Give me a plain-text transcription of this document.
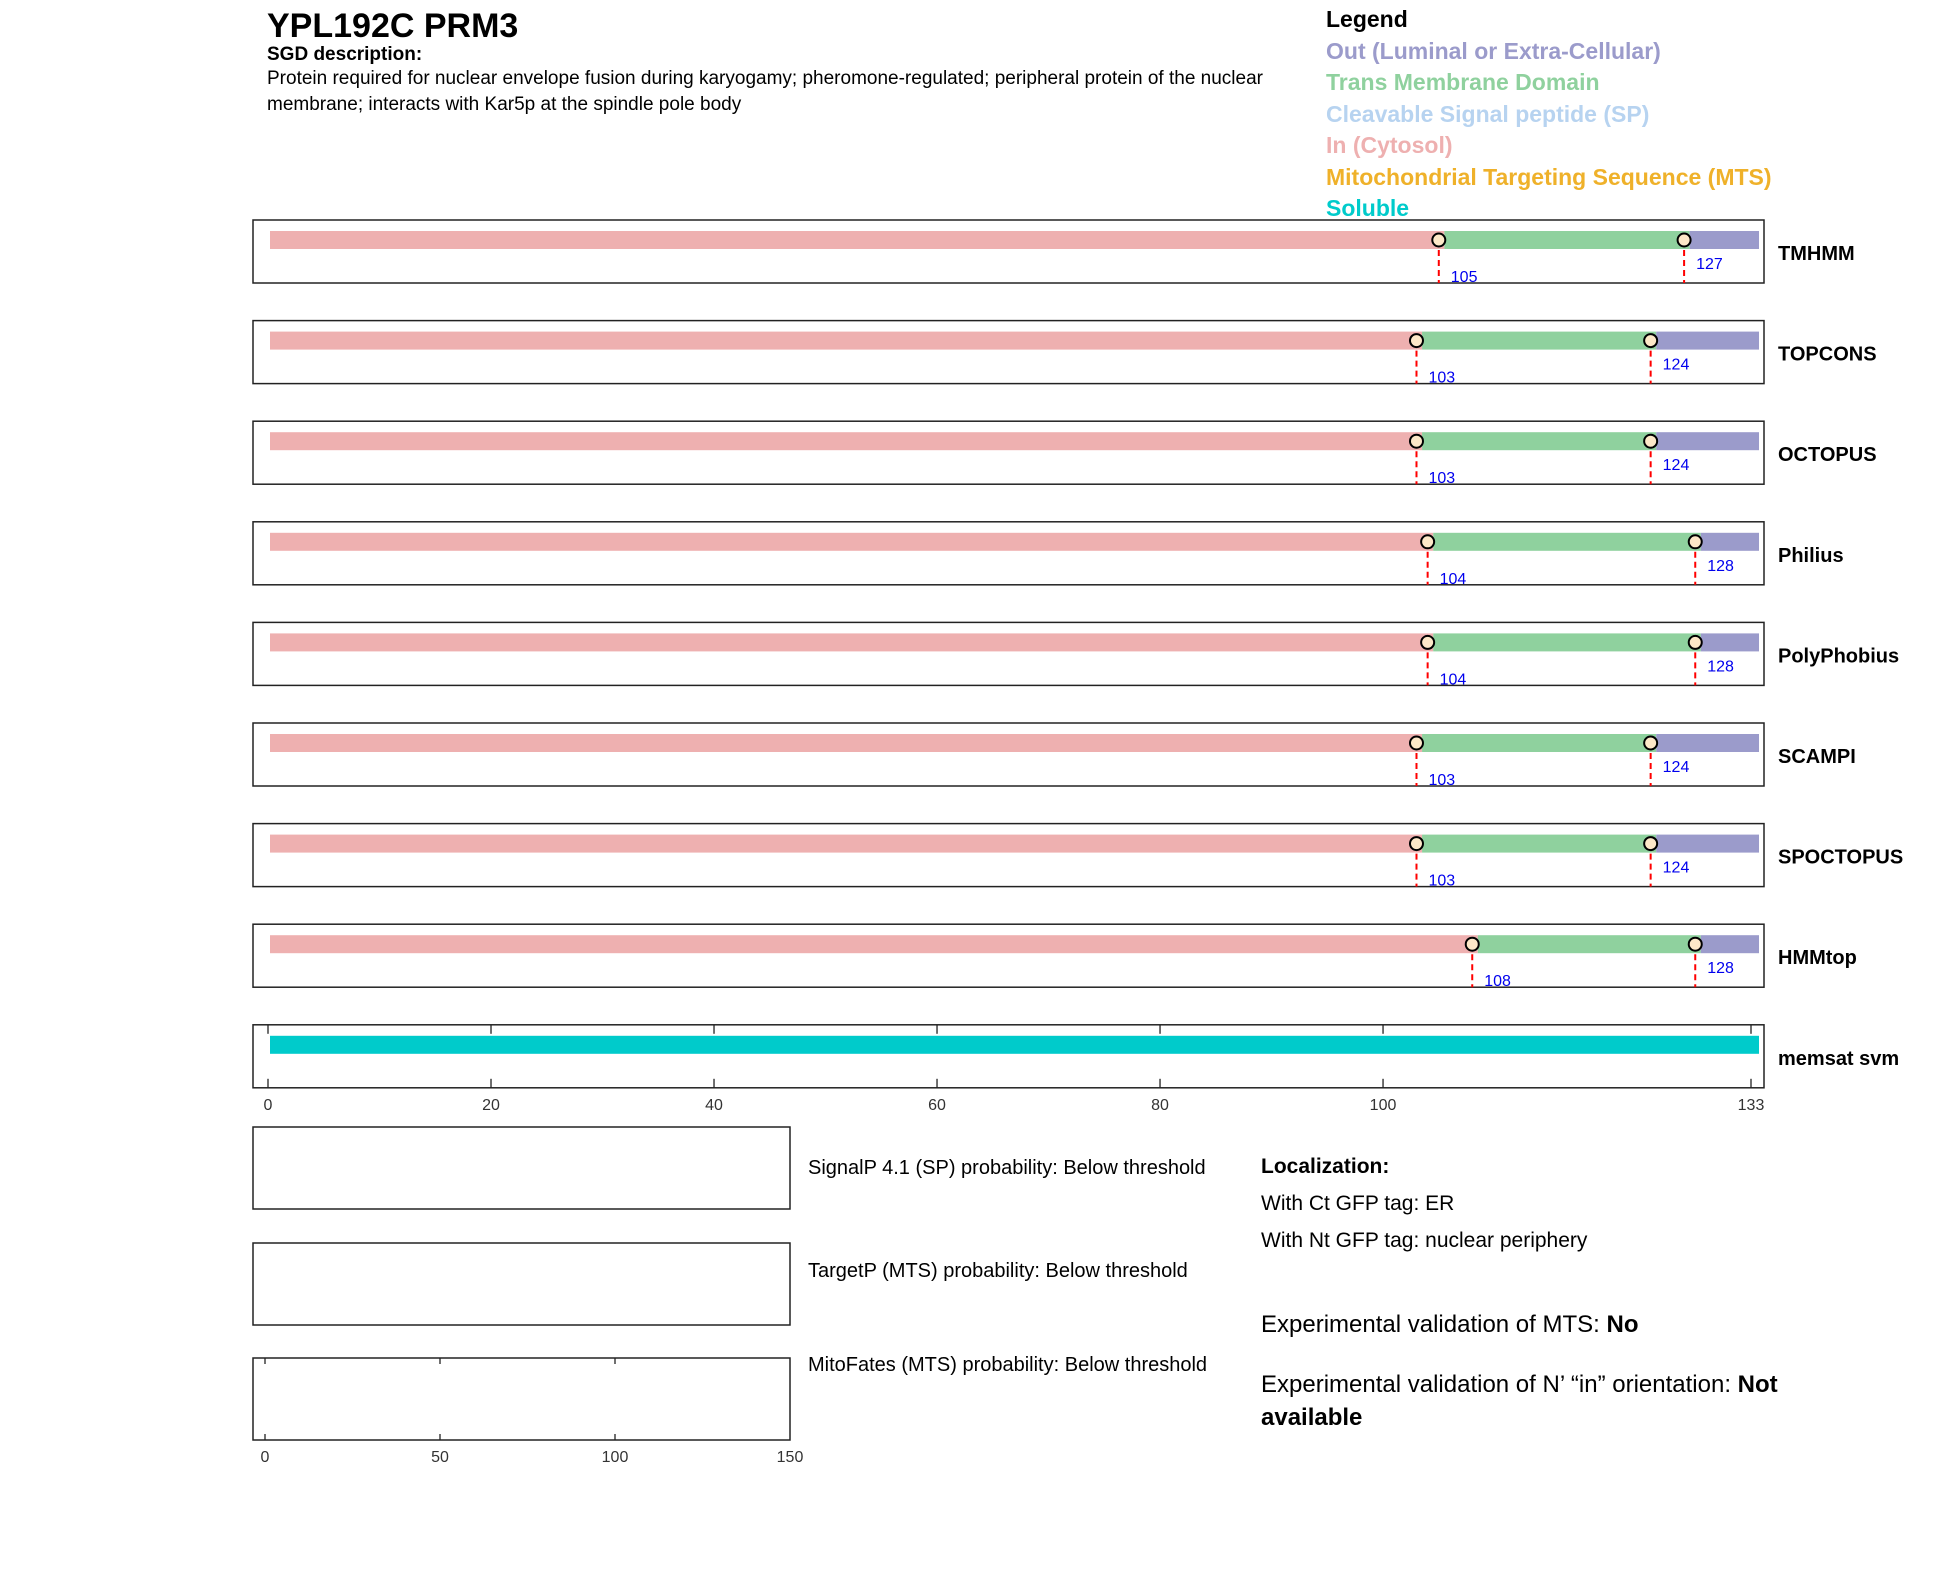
YPL192C PRM3
SGD description:
Protein required for nuclear envelope fusion during karyogamy; pheromone-regulated; peripheral protein of the nuclear membrane; interacts with Kar5p at the spindle pole body
Legend
Out (Luminal or Extra-Cellular)
Trans Membrane Domain
Cleavable Signal peptide (SP)
In (Cytosol)
Mitochondrial Targeting Sequence (MTS)
Soluble
105
127	TMHMM
103
124	TOPCONS
103
124	OCTOPUS
104
128 Philius
104
128 PolyPhobius
103
124	SCAMPI
103
124	SPOCTOPUS
108
128 HMMtop
memsat svm
0	20	40	60	80	100	133
0	50	100	150
SignalP 4.1 (SP) probability: Below threshold
TargetP (MTS) probability: Below threshold
MitoFates (MTS) probability: Below threshold
Localization:
With Ct GFP tag: ER
With Nt GFP tag: nuclear periphery
Experimental validation of MTS: No
Experimental validation of N’ “in” orientation: Not available
